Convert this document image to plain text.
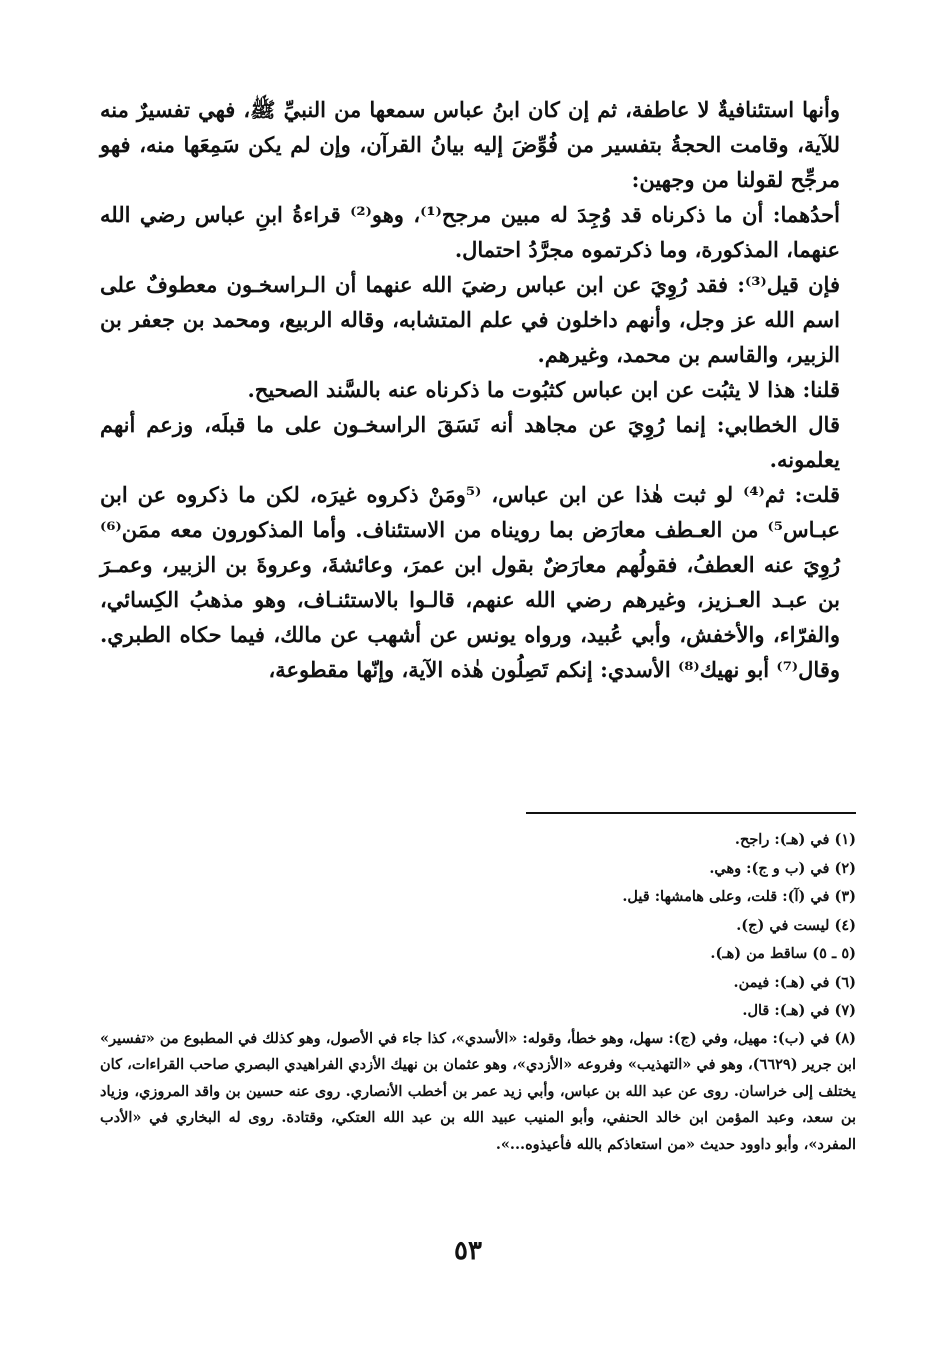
وأنها استئنافيةٌ لا عاطفة، ثم إن كان ابنُ عباس سمعها من النبيِّ ﷺ، فهي تفسيرٌ منه للآية، وقامت الحجةُ بتفسير من فُوِّضَ إليه بيانُ القرآن، وإن لم يكن سَمِعَها منه، فهو مرجِّح لقولنا من وجهين:

أحدُهما: أن ما ذكرناه قد وُجِدَ له مبين مرجح⁽¹⁾، وهو⁽²⁾ قراءةُ ابنِ عباس رضي الله عنهما، المذكورة، وما ذكرتموه مجرَّدُ احتمال.

فإن قيل⁽³⁾: فقد رُوِيَ عن ابن عباس رضيَ الله عنهما أن الـراسخـون معطوفٌ على اسم الله عز وجل، وأنهم داخلون في علم المتشابه، وقاله الربيع، ومحمد بن جعفر بن الزبير، والقاسم بن محمد، وغيرهم.

قلنا: هذا لا يثبُت عن ابن عباس كثبُوت ما ذكرناه عنه بالسَّند الصحيح.

قال الخطابي: إنما رُوِيَ عن مجاهد أنه نَسَقَ الراسخـون على ما قبلَه، وزعم أنهم يعلمونه.

قلت: ثم⁽⁴⁾ لو ثبت هٰذا عن ابن عباس، ⁽⁵ومَنْ ذكروه غيرَه، لكن ما ذكروه عن ابن عبـاس⁵⁾ من العـطف معارَض بما رويناه من الاستئناف. وأما المذكورون معه ممَن⁽⁶⁾ رُوِيَ عنه العطفُ، فقولُهم معارَضٌ بقول ابن عمرَ، وعائشةَ، وعروةَ بن الزبير، وعمـرَ بن عبـد العـزيز، وغيرهم رضي الله عنهم، قالـوا بالاستئنـاف، وهو مذهبُ الكِسائي، والفرّاء، والأخفش، وأبي عُبيد، ورواه يونس عن أشهب عن مالك، فيما حكاه الطبري. وقال⁽⁷⁾ أبو نهيك⁽⁸⁾ الأسدي: إنكم تَصِلُون هٰذه الآية، وإنّها مقطوعة،

(١) في (هـ): راجح.

(٢) في (ب و ج): وهي.

(٣) في (آ): قلت، وعلى هامشها: قيل.

(٤) ليست في (ج).

(٥ ـ ٥) ساقط من (هـ).

(٦) في (هـ): فيمن.

(٧) في (هـ): قال.

(٨) في (ب): مهيل، وفي (ج): سهل، وهو خطأ، وقوله: «الأسدي»، كذا جاء في الأصول، وهو كذلك في المطبوع من «تفسير» ابن جرير (٦٦٢٩)، وهو في «التهذيب» وفروعه «الأزدي»، وهو عثمان بن نهيك الأزدي الفراهيدي البصري صاحب القراءات، كان يختلف إلى خراسان. روى عن عبد الله بن عباس، وأبي زيد عمر بن أخطب الأنصاري. روى عنه حسين بن واقد المروزي، وزياد بن سعد، وعبد المؤمن ابن خالد الحنفي، وأبو المنيب عبيد الله بن عبد الله العتكي، وقتادة. روى له البخاري في «الأدب المفرد»، وأبو داوود حديث «من استعاذكم بالله فأعيذوه...».

٥٣
